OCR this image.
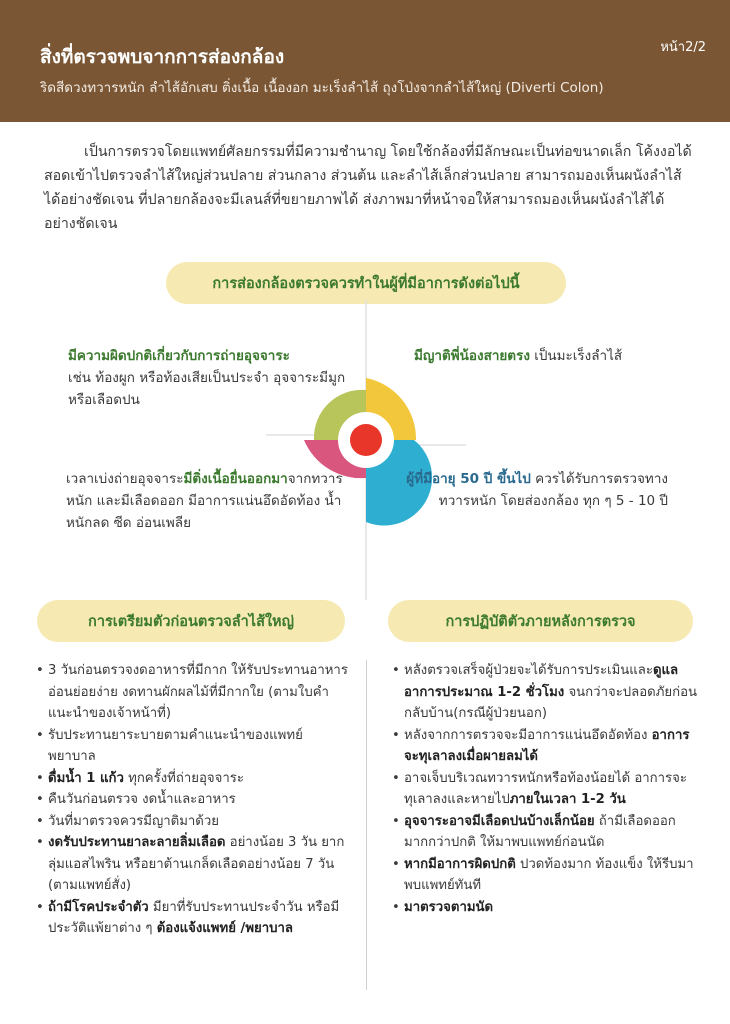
หน้า2/2
สิ่งที่ตรวจพบจากการส่องกล้อง
ริดสีดวงทวารหนัก ลำไส้อักเสบ ติ่งเนื้อ เนื้องอก มะเร็งลำไส้ ถุงโป่งจากลำไส้ใหญ่ (Diverti Colon)
เป็นการตรวจโดยแพทย์ศัลยกรรมที่มีความชำนาญ โดยใช้กล้องที่มีลักษณะเป็นท่อขนาดเล็ก โค้งงอได้ สอดเข้าไปตรวจลำไส้ใหญ่ส่วนปลาย ส่วนกลาง ส่วนต้น และลำไส้เล็กส่วนปลาย สามารถมองเห็นผนังลำไส้ได้อย่างชัดเจน ที่ปลายกล้องจะมีเลนส์ที่ขยายภาพได้ ส่งภาพมาที่หน้าจอให้สามารถมองเห็นผนังลำไส้ได้อย่างชัดเจน
การส่องกล้องตรวจควรทำในผู้ที่มีอาการดังต่อไปนี้
มีความผิดปกติเกี่ยวกับการถ่ายอุจจาระ
เช่น ท้องผูก หรือท้องเสียเป็นประจำ อุจจาระมีมูกหรือเลือดปน
มีญาติพี่น้องสายตรง เป็นมะเร็งลำไส้
เวลาเบ่งถ่ายอุจจาระมีติ่งเนื้อยื่นออกมาจากทวารหนัก และมีเลือดออก มีอาการแน่นอึดอัดท้อง น้ำหนักลด ซีด อ่อนเพลีย
ผู้ที่มีอายุ 50 ปี ขึ้นไป ควรได้รับการตรวจทางทวารหนัก โดยส่องกล้อง ทุก ๆ 5 - 10 ปี
การเตรียมตัวก่อนตรวจลำไส้ใหญ่	การปฏิบัติตัวภายหลังการตรวจ
• 3 วันก่อนตรวจงดอาหารที่มีกาก ให้รับประทานอาหารอ่อนย่อยง่าย งดทานผักผลไม้ที่มีกากใย (ตามใบคำแนะนำของเจ้าหน้าที่)
• รับประทานยาระบายตามคำแนะนำของแพทย์ พยาบาล
• ดื่มน้ำ 1 แก้ว ทุกครั้งที่ถ่ายอุจจาระ
• คืนวันก่อนตรวจ งดน้ำและอาหาร
• วันที่มาตรวจควรมีญาติมาด้วย
• งดรับประทานยาละลายลิ่มเลือด อย่างน้อย 3 วัน ยากลุ่มแอสไพริน หรือยาต้านเกล็ดเลือดอย่างน้อย 7 วัน (ตามแพทย์สั่ง)
• ถ้ามีโรคประจำตัว มียาที่รับประทานประจำวัน หรือมีประวัติแพ้ยาต่าง ๆ ต้องแจ้งแพทย์ /พยาบาล
• หลังตรวจเสร็จผู้ป่วยจะได้รับการประเมินและดูแลอาการประมาณ 1-2 ชั่วโมง จนกว่าจะปลอดภัยก่อนกลับบ้าน(กรณีผู้ป่วยนอก)
• หลังจากการตรวจจะมีอาการแน่นอึดอัดท้อง อาการจะทุเลาลงเมื่อผายลมได้
• อาจเจ็บบริเวณทวารหนักหรือท้องน้อยได้ อาการจะทุเลาลงและหายไปภายในเวลา 1-2 วัน
• อุจจาระอาจมีเลือดปนบ้างเล็กน้อย ถ้ามีเลือดออกมากกว่าปกติ ให้มาพบแพทย์ก่อนนัด
• หากมีอาการผิดปกติ ปวดท้องมาก ท้องแข็ง ให้รีบมาพบแพทย์ทันที
• มาตรวจตามนัด
